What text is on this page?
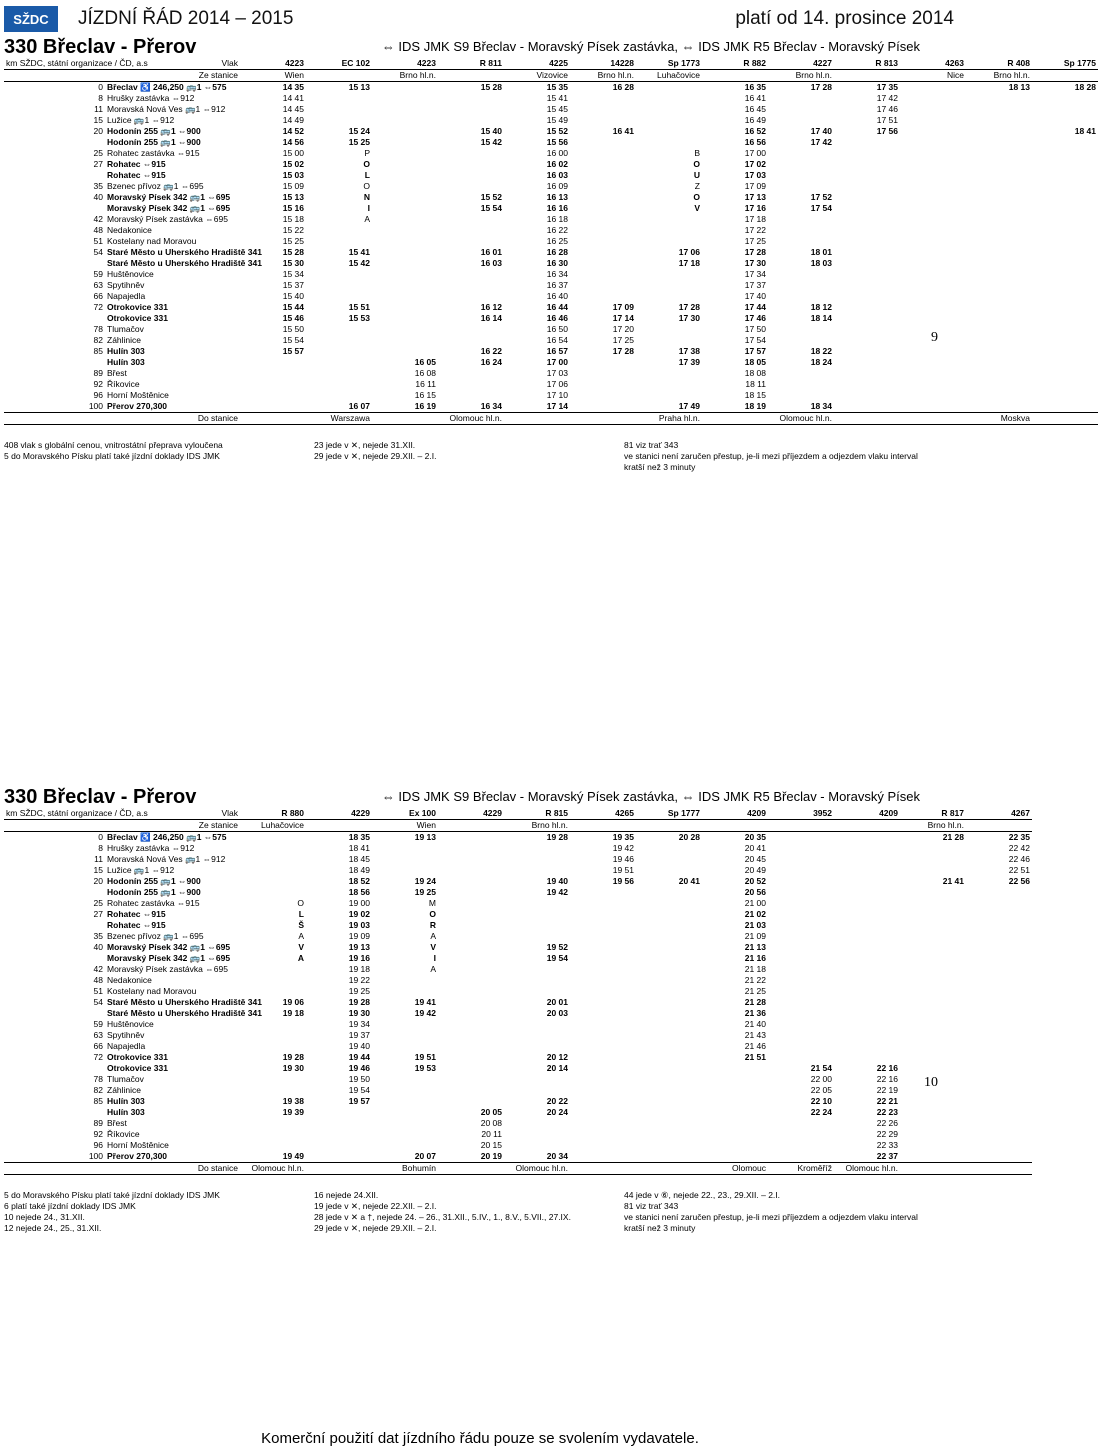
SŽDC JÍZDNÍ ŘÁD 2014 – 2015	platí od 14. prosince 2014
330 Břeclav - Přerov	⇔ IDS JMK S9 Břeclav - Moravský Písek zastávka, ⇔ IDS JMK R5 Břeclav - Moravský Písek
km SŽDC, státní organizace / ČD, a.s		Vlak	4223	EC 102	4223	R 811	4225	14228	Sp 1773	R 882	4227	R 813	4263	R 408	Sp 1775
Ze stanice			Wien		Brno hl.n.		Vizovice	Brno hl.n.	Luhačovice		Brno hl.n.		Nice	Brno hl.n.	
0	Břeclav ♿ 246,250 🚌1 ⇔575		14 35	15 13		15 28	15 35	16 28		16 35	17 28	17 35		18 13	18 28
8	Hrušky zastávka ⇔912		14 41				15 41			16 41		17 42			
11	Moravská Nová Ves 🚌1 ⇔912		14 45				15 45			16 45		17 46			
15	Lužice 🚌1 ⇔912		14 49				15 49			16 49		17 51			
20	Hodonín 255 🚌1 ⇔900		14 52	15 24		15 40	15 52	16 41		16 52	17 40	17 56			18 41
	Hodonín 255 🚌1 ⇔900		14 56	15 25		15 42	15 56			16 56	17 42				
25	Rohatec zastávka ⇔915		15 00	P			16 00		B	17 00					
27	Rohatec ⇔915		15 02	O			16 02		O	17 02					
	Rohatec ⇔915		15 03	L			16 03		U	17 03					
35	Bzenec přívoz 🚌1 ⇔695		15 09	O			16 09		Z	17 09					
40	Moravský Písek 342 🚌1 ⇔695		15 13	N		15 52	16 13		O	17 13	17 52				
	Moravský Písek 342 🚌1 ⇔695		15 16	I		15 54	16 16		V	17 16	17 54				
42	Moravský Písek zastávka ⇔695		15 18	A			16 18			17 18					
48	Nedakonice		15 22				16 22			17 22					
51	Kostelany nad Moravou		15 25				16 25			17 25					
54	Staré Město u Uherského Hradiště 341		15 28	15 41		16 01	16 28		17 06	17 28	18 01				
	Staré Město u Uherského Hradiště 341		15 30	15 42		16 03	16 30		17 18	17 30	18 03				
59	Huštěnovice		15 34				16 34			17 34					
63	Spytihněv		15 37				16 37			17 37					
66	Napajedla		15 40				16 40			17 40					
72	Otrokovice 331		15 44	15 51		16 12	16 44	17 09	17 28	17 44	18 12				
	Otrokovice 331		15 46	15 53		16 14	16 46	17 14	17 30	17 46	18 14				
78	Tlumačov		15 50				16 50	17 20		17 50					
82	Záhlinice		15 54				16 54	17 25		17 54					
85	Hulín 303		15 57			16 22	16 57	17 28	17 38	17 57	18 22				
	Hulín 303				16 05	16 24	17 00		17 39	18 05	18 24				
89	Břest				16 08		17 03			18 08					
92	Říkovice				16 11		17 06			18 11					
96	Horní Moštěnice				16 15		17 10			18 15					
100	Přerov 270,300			16 07	16 19	16 34	17 14		17 49	18 19	18 34				
Do stanice				Warszawa		Olomouc hl.n.			Praha hl.n.		Olomouc hl.n.			Moskva	
408 vlak s globální cenou, vnitrostátní přeprava vyloučena
5 do Moravského Písku platí také jízdní doklady IDS JMK
23 jede v ✕, nejede 31.XII.
29 jede v ✕, nejede 29.XII. – 2.I.
81 viz trať 343
ve stanici není zaručen přestup, je-li mezi příjezdem a odjezdem vlaku interval kratší než 3 minuty
9
330 Břeclav - Přerov	⇔ IDS JMK S9 Břeclav - Moravský Písek zastávka, ⇔ IDS JMK R5 Břeclav - Moravský Písek
km SŽDC, státní organizace / ČD, a.s		Vlak	R 880	4229	Ex 100	4229	R 815	4265	Sp 1777	4209	3952	4209	R 817	4267
Ze stanice			Luhačovice		Wien		Brno hl.n.						Brno hl.n.	
0	Břeclav ♿ 246,250 🚌1 ⇔575			18 35	19 13		19 28	19 35	20 28	20 35			21 28	22 35
8	Hrušky zastávka ⇔912			18 41				19 42		20 41				22 42
11	Moravská Nová Ves 🚌1 ⇔912			18 45				19 46		20 45				22 46
15	Lužice 🚌1 ⇔912			18 49				19 51		20 49				22 51
20	Hodonín 255 🚌1 ⇔900			18 52	19 24		19 40	19 56	20 41	20 52			21 41	22 56
	Hodonín 255 🚌1 ⇔900			18 56	19 25		19 42			20 56				
25	Rohatec zastávka ⇔915		O	19 00	M					21 00				
27	Rohatec ⇔915		L	19 02	O					21 02				
	Rohatec ⇔915		Š	19 03	R					21 03				
35	Bzenec přívoz 🚌1 ⇔695		A	19 09	A					21 09				
40	Moravský Písek 342 🚌1 ⇔695		V	19 13	V		19 52			21 13				
	Moravský Písek 342 🚌1 ⇔695		A	19 16	I		19 54			21 16				
42	Moravský Písek zastávka ⇔695			19 18	A					21 18				
48	Nedakonice			19 22						21 22				
51	Kostelany nad Moravou			19 25						21 25				
54	Staré Město u Uherského Hradiště 341		19 06	19 28	19 41		20 01			21 28				
	Staré Město u Uherského Hradiště 341		19 18	19 30	19 42		20 03			21 36				
59	Huštěnovice			19 34						21 40				
63	Spytihněv			19 37						21 43				
66	Napajedla			19 40						21 46				
72	Otrokovice 331		19 28	19 44	19 51		20 12			21 51				
	Otrokovice 331		19 30	19 46	19 53		20 14				21 54	22 16		
78	Tlumačov			19 50							22 00	22 16		
82	Záhlinice			19 54							22 05	22 19		
85	Hulín 303		19 38	19 57			20 22				22 10	22 21		
	Hulín 303		19 39			20 05	20 24				22 24	22 23		
89	Břest					20 08						22 26		
92	Říkovice					20 11						22 29		
96	Horní Moštěnice					20 15						22 33		
100	Přerov 270,300		19 49		20 07	20 19	20 34					22 37		
Do stanice			Olomouc hl.n.		Bohumín		Olomouc hl.n.			Olomouc	Kroměříž	Olomouc hl.n.		
5 do Moravského Písku platí také jízdní doklady IDS JMK
6 platí také jízdní doklady IDS JMK
10 nejede 24., 31.XII.
12 nejede 24., 25., 31.XII.
16 nejede 24.XII.
19 jede v ✕, nejede 22.XII. – 2.I.
28 jede v ✕ a †, nejede 24. – 26., 31.XII., 5.IV., 1., 8.V., 5.VII., 27.IX.
29 jede v ✕, nejede 29.XII. – 2.I.
44 jede v ⑥, nejede 22., 23., 29.XII. – 2.I.
81 viz trať 343
ve stanici není zaručen přestup, je-li mezi příjezdem a odjezdem vlaku interval kratší než 3 minuty
10
Komerční použití dat jízdního řádu pouze se svolením vydavatele.
